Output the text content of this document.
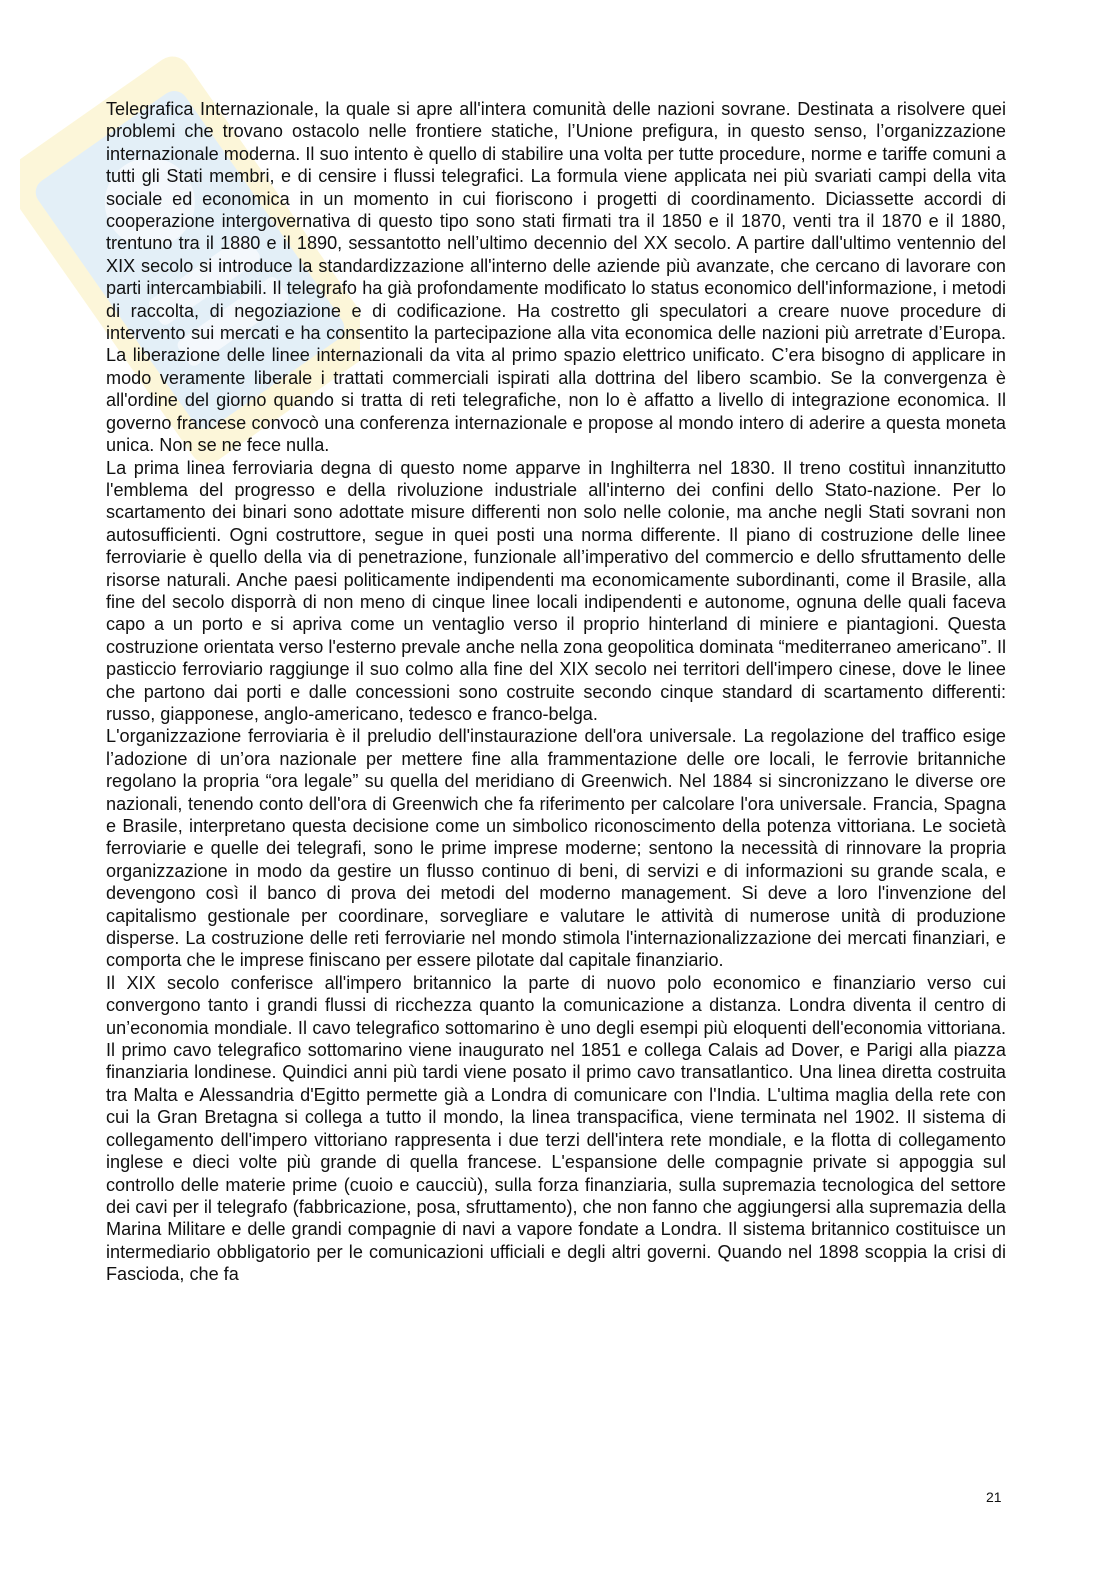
Telegrafica Internazionale, la quale si apre all'intera comunità delle nazioni sovrane. Destinata a risolvere quei problemi che trovano ostacolo nelle frontiere statiche, l’Unione prefigura, in questo senso, l’organizzazione internazionale moderna. Il suo intento è quello di stabilire una volta per tutte procedure, norme e tariffe comuni a tutti gli Stati membri, e di censire i flussi telegrafici. La formula viene applicata nei più svariati campi della vita sociale ed economica in un momento in cui fioriscono i progetti di coordinamento. Diciassette accordi di cooperazione intergovernativa di questo tipo sono stati firmati tra il 1850 e il 1870, venti tra il 1870 e il 1880, trentuno tra il 1880 e il 1890, sessantotto nell’ultimo decennio del XX secolo. A partire dall'ultimo ventennio del XIX secolo si introduce la standardizzazione all'interno delle aziende più avanzate, che cercano di lavorare con parti intercambiabili. Il telegrafo ha già profondamente modificato lo status economico dell'informazione, i metodi di raccolta, di negoziazione e di codificazione. Ha costretto gli speculatori a creare nuove procedure di intervento sui mercati e ha consentito la partecipazione alla vita economica delle nazioni più arretrate d’Europa. La liberazione delle linee internazionali da vita al primo spazio elettrico unificato. C’era bisogno di applicare in modo veramente liberale i trattati commerciali ispirati alla dottrina del libero scambio. Se la convergenza è all'ordine del giorno quando si tratta di reti telegrafiche, non lo è affatto a livello di integrazione economica. Il governo francese convocò una conferenza internazionale e propose al mondo intero di aderire a questa moneta unica. Non se ne fece nulla.

La prima linea ferroviaria degna di questo nome apparve in Inghilterra nel 1830. Il treno costituì innanzitutto l'emblema del progresso e della rivoluzione industriale all'interno dei confini dello Stato-nazione. Per lo scartamento dei binari sono adottate misure differenti non solo nelle colonie, ma anche negli Stati sovrani non autosufficienti. Ogni costruttore, segue in quei posti una norma differente. Il piano di costruzione delle linee ferroviarie è quello della via di penetrazione, funzionale all’imperativo del commercio e dello sfruttamento delle risorse naturali. Anche paesi politicamente indipendenti ma economicamente subordinanti, come il Brasile, alla fine del secolo disporrà di non meno di cinque linee locali indipendenti e autonome, ognuna delle quali faceva capo a un porto e si apriva come un ventaglio verso il proprio hinterland di miniere e piantagioni. Questa costruzione orientata verso l'esterno prevale anche nella zona geopolitica dominata “mediterraneo americano”. Il pasticcio ferroviario raggiunge il suo colmo alla fine del XIX secolo nei territori dell'impero cinese, dove le linee che partono dai porti e dalle concessioni sono costruite secondo cinque standard di scartamento differenti: russo, giapponese, anglo-americano, tedesco e franco-belga.

L'organizzazione ferroviaria è il preludio dell'instaurazione dell'ora universale. La regolazione del traffico esige l’adozione di un’ora nazionale per mettere fine alla frammentazione delle ore locali, le ferrovie britanniche regolano la propria “ora legale” su quella del meridiano di Greenwich. Nel 1884 si sincronizzano le diverse ore nazionali, tenendo conto dell'ora di Greenwich che fa riferimento per calcolare l'ora universale. Francia, Spagna e Brasile, interpretano questa decisione come un simbolico riconoscimento della potenza vittoriana. Le società ferroviarie e quelle dei telegrafi, sono le prime imprese moderne; sentono la necessità di rinnovare la propria organizzazione in modo da gestire un flusso continuo di beni, di servizi e di informazioni su grande scala, e devengono così il banco di prova dei metodi del moderno management. Si deve a loro l'invenzione del capitalismo gestionale per coordinare, sorvegliare e valutare le attività di numerose unità di produzione disperse. La costruzione delle reti ferroviarie nel mondo stimola l'internazionalizzazione dei mercati finanziari, e comporta che le imprese finiscano per essere pilotate dal capitale finanziario.

Il XIX secolo conferisce all'impero britannico la parte di nuovo polo economico e finanziario verso cui convergono tanto i grandi flussi di ricchezza quanto la comunicazione a distanza. Londra diventa il centro di un’economia mondiale. Il cavo telegrafico sottomarino è uno degli esempi più eloquenti dell'economia vittoriana. Il primo cavo telegrafico sottomarino viene inaugurato nel 1851 e collega Calais ad Dover, e Parigi alla piazza finanziaria londinese. Quindici anni più tardi viene posato il primo cavo transatlantico. Una linea diretta costruita tra Malta e Alessandria d'Egitto permette già a Londra di comunicare con l'India. L'ultima maglia della rete con cui la Gran Bretagna si collega a tutto il mondo, la linea transpacifica, viene terminata nel 1902. Il sistema di collegamento dell'impero vittoriano rappresenta i due terzi dell'intera rete mondiale, e la flotta di collegamento inglese e dieci volte più grande di quella francese. L'espansione delle compagnie private si appoggia sul controllo delle materie prime (cuoio e caucciù), sulla forza finanziaria, sulla supremazia tecnologica del settore dei cavi per il telegrafo (fabbricazione, posa, sfruttamento), che non fanno che aggiungersi alla supremazia della Marina Militare e delle grandi compagnie di navi a vapore fondate a Londra. Il sistema britannico costituisce un intermediario obbligatorio per le comunicazioni ufficiali e degli altri governi. Quando nel 1898 scoppia la crisi di Fascioda, che fa

21
